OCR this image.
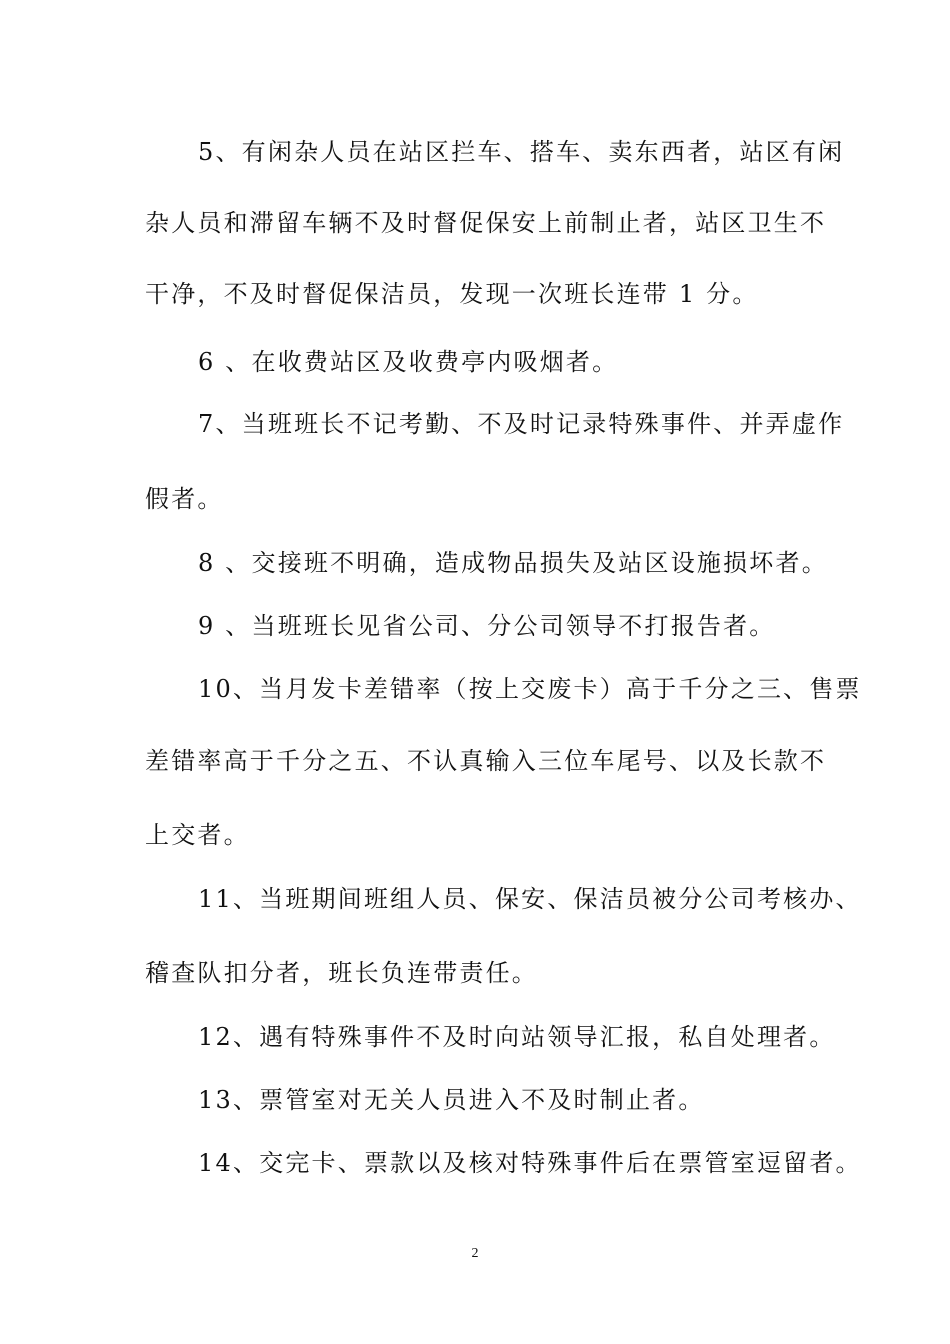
5、有闲杂人员在站区拦车、搭车、卖东西者，站区有闲
杂人员和滞留车辆不及时督促保安上前制止者，站区卫生不
干净，不及时督促保洁员，发现一次班长连带 1 分。
6 、在收费站区及收费亭内吸烟者。
7、当班班长不记考勤、不及时记录特殊事件、并弄虚作
假者。
8 、交接班不明确，造成物品损失及站区设施损坏者。
9 、当班班长见省公司、分公司领导不打报告者。
10、当月发卡差错率（按上交废卡）高于千分之三、售票
差错率高于千分之五、不认真输入三位车尾号、以及长款不
上交者。
11、当班期间班组人员、保安、保洁员被分公司考核办、
稽查队扣分者，班长负连带责任。
12、遇有特殊事件不及时向站领导汇报，私自处理者。
13、票管室对无关人员进入不及时制止者。
14、交完卡、票款以及核对特殊事件后在票管室逗留者。
2
